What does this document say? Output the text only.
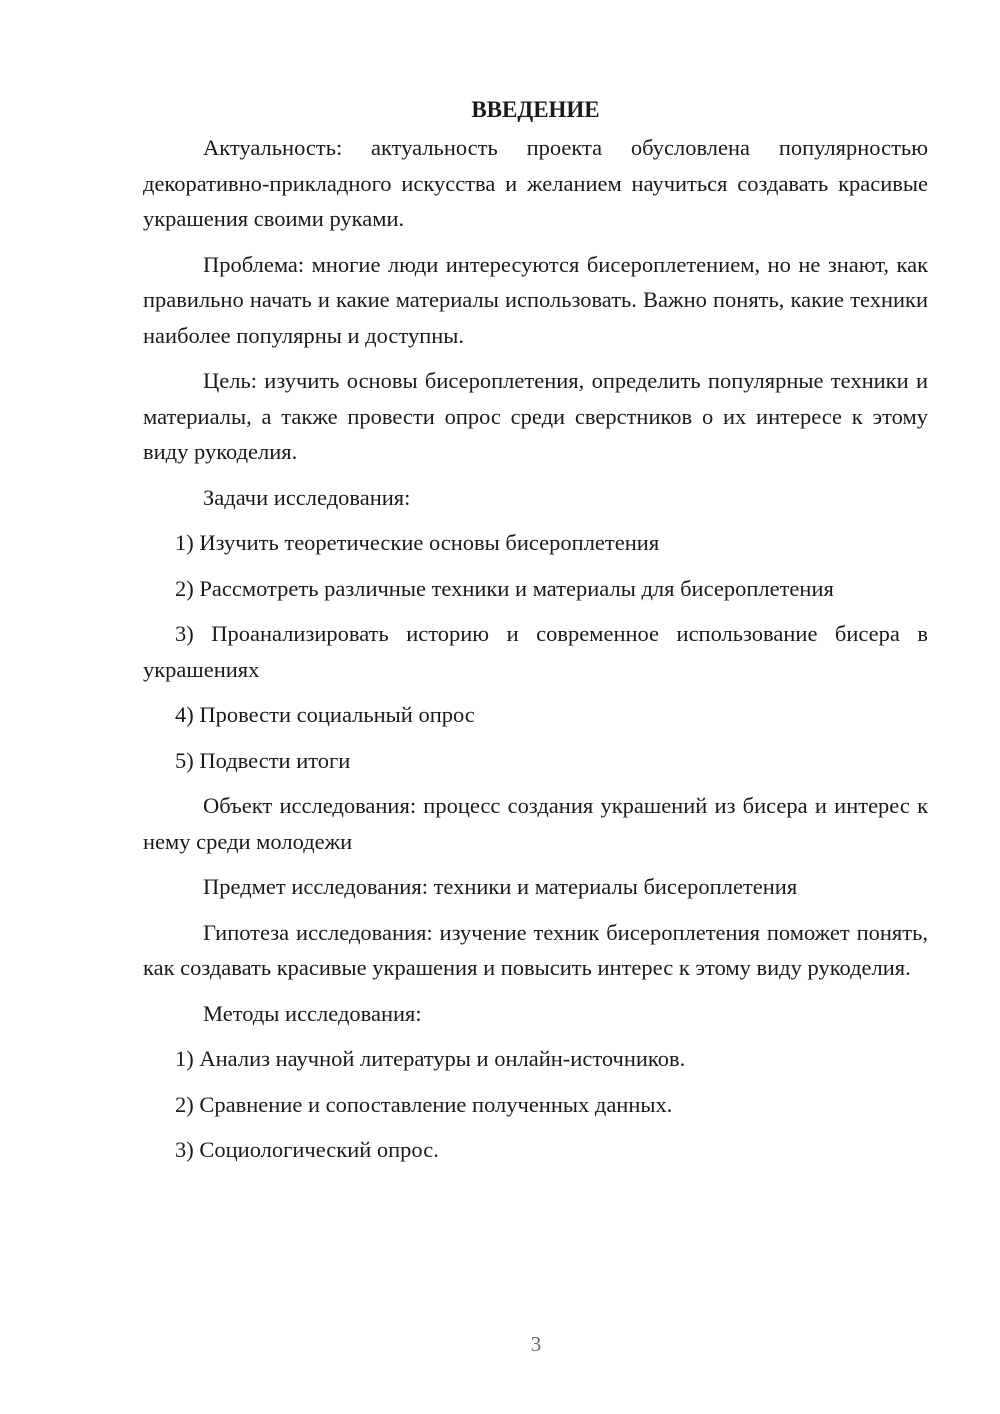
ВВЕДЕНИЕ

Актуальность: актуальность проекта обусловлена популярностью декоративно-прикладного искусства и желанием научиться создавать красивые украшения своими руками.

Проблема: многие люди интересуются бисероплетением, но не знают, как правильно начать и какие материалы использовать. Важно понять, какие техники наиболее популярны и доступны.

Цель: изучить основы бисероплетения, определить популярные техники и материалы, а также провести опрос среди сверстников о их интересе к этому виду рукоделия.

Задачи исследования:

1) Изучить теоретические основы бисероплетения

2) Рассмотреть различные техники и материалы для бисероплетения

3) Проанализировать историю и современное использование бисера в украшениях

4) Провести социальный опрос

5) Подвести итоги

Объект исследования: процесс создания украшений из бисера и интерес к нему среди молодежи

Предмет исследования: техники и материалы бисероплетения

Гипотеза исследования: изучение техник бисероплетения поможет понять, как создавать красивые украшения и повысить интерес к этому виду рукоделия.

Методы исследования:

1) Анализ научной литературы и онлайн-источников.

2) Сравнение и сопоставление полученных данных.

3) Социологический опрос.

3
